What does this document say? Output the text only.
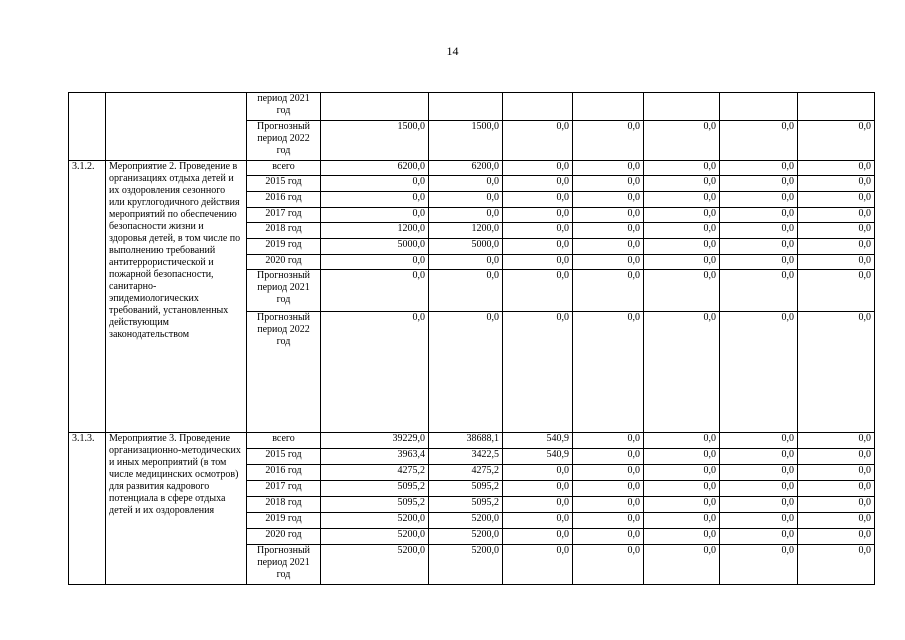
14
		период 2021 год							
		Прогнозный период 2022 год	1500,0	1500,0	0,0	0,0	0,0	0,0	0,0
3.1.2.	Мероприятие 2. Проведение в организациях отдыха детей и их оздоровления сезонного или круглогодичного действия мероприятий по обеспечению безопасности жизни и здоровья детей, в том числе по выполнению требований антитеррористической и пожарной безопасности, санитарно-эпидемиологических требований, установленных действующим законодательством	всего	6200,0	6200,0	0,0	0,0	0,0	0,0	0,0
		2015 год	0,0	0,0	0,0	0,0	0,0	0,0	0,0
		2016 год	0,0	0,0	0,0	0,0	0,0	0,0	0,0
		2017 год	0,0	0,0	0,0	0,0	0,0	0,0	0,0
		2018 год	1200,0	1200,0	0,0	0,0	0,0	0,0	0,0
		2019 год	5000,0	5000,0	0,0	0,0	0,0	0,0	0,0
		2020 год	0,0	0,0	0,0	0,0	0,0	0,0	0,0
		Прогнозный период 2021 год	0,0	0,0	0,0	0,0	0,0	0,0	0,0
		Прогнозный период 2022 год	0,0	0,0	0,0	0,0	0,0	0,0	0,0
3.1.3.	Мероприятие 3. Проведение организационно-методических и иных мероприятий (в том числе медицинских осмотров) для развития кадрового потенциала в сфере отдыха детей и их оздоровления	всего	39229,0	38688,1	540,9	0,0	0,0	0,0	0,0
		2015 год	3963,4	3422,5	540,9	0,0	0,0	0,0	0,0
		2016 год	4275,2	4275,2	0,0	0,0	0,0	0,0	0,0
		2017 год	5095,2	5095,2	0,0	0,0	0,0	0,0	0,0
		2018 год	5095,2	5095,2	0,0	0,0	0,0	0,0	0,0
		2019 год	5200,0	5200,0	0,0	0,0	0,0	0,0	0,0
		2020 год	5200,0	5200,0	0,0	0,0	0,0	0,0	0,0
		Прогнозный период 2021 год	5200,0	5200,0	0,0	0,0	0,0	0,0	0,0
